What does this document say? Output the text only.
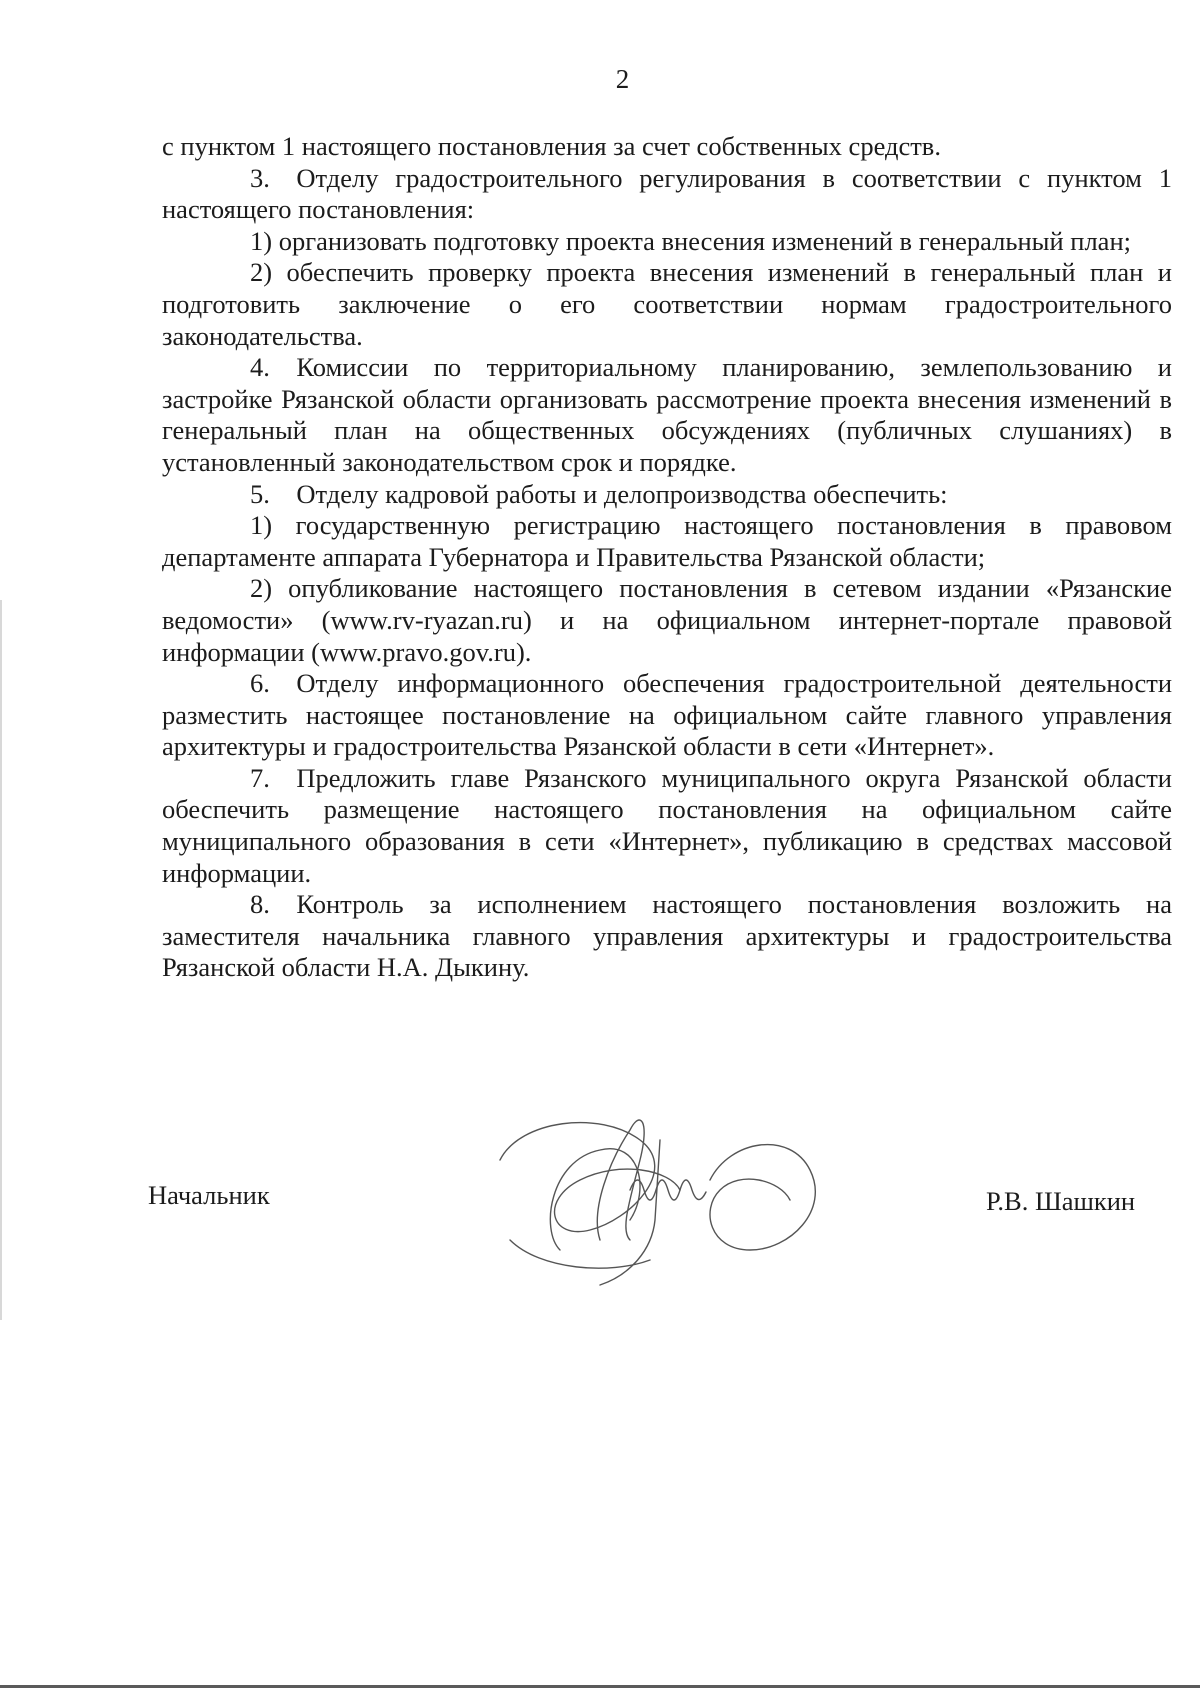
2

с пунктом 1 настоящего постановления за счет собственных средств.

3. Отделу градостроительного регулирования в соответствии с пунктом 1 настоящего постановления:

1) организовать подготовку проекта внесения изменений в генеральный план;

2) обеспечить проверку проекта внесения изменений в генеральный план и подготовить заключение о его соответствии нормам градостроительного законодательства.

4. Комиссии по территориальному планированию, землепользованию и застройке Рязанской области организовать рассмотрение проекта внесения изменений в генеральный план на общественных обсуждениях (публичных слушаниях) в установленный законодательством срок и порядке.

5. Отделу кадровой работы и делопроизводства обеспечить:

1) государственную регистрацию настоящего постановления в правовом департаменте аппарата Губернатора и Правительства Рязанской области;

2) опубликование настоящего постановления в сетевом издании «Рязанские ведомости» (www.rv-ryazan.ru) и на официальном интернет-портале правовой информации (www.pravo.gov.ru).

6. Отделу информационного обеспечения градостроительной деятельности разместить настоящее постановление на официальном сайте главного управления архитектуры и градостроительства Рязанской области в сети «Интернет».

7. Предложить главе Рязанского муниципального округа Рязанской области обеспечить размещение настоящего постановления на официальном сайте муниципального образования в сети «Интернет», публикацию в средствах массовой информации.

8. Контроль за исполнением настоящего постановления возложить на заместителя начальника главного управления архитектуры и градостроительства Рязанской области Н.А. Дыкину.

Начальник	Р.В. Шашкин
